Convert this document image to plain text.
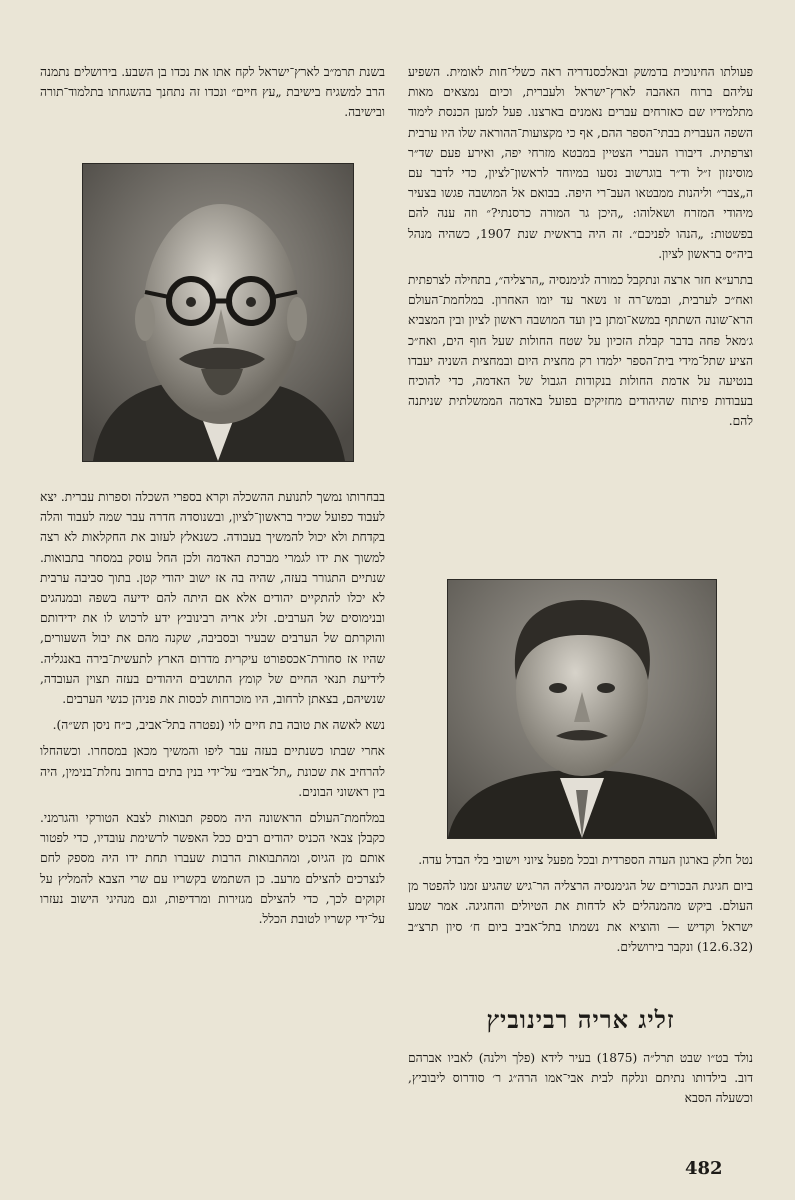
בשנת תרמ״ב לארץ־ישראל לקח אתו את נכדו בן השבע. בירושלים נתמנה הרב למשגיח בישיבת „עץ חיים״ ונכדו זה נתחנך בהשגחתו בתלמוד־תורה ובישיבה.

בבחרותו נמשך לתנועת ההשכלה וקרא בספרי השכלה וספרות עברית. יצא לעבוד כפועל שכיר בראשון־לציון, ובשנוסדה חדרה עבר שמה לעבוד והלה בקדחת ולא יכול להמשיך בעבודה. כשנאלץ לעזוב את החקלאות לא רצה למשוך את ידו לגמרי מברכת האדמה ולכן החל עוסק במסחר בתבואות. שנתיים התגורר בעזה, שהיה בה אז ישוב יהודי קטן. בתוך סביבה ערבית לא יכלו להתקיים יהודים אלא אם היתה להם ידיעה בשפה ובמנהגים ובנימוסים של הערבים. זליג אריה רבינוביץ ידע לרכוש לו את ידידותם והוקרתם של הערבים שבעיר ובסביבה, שקנה מהם את יבול השעורים, שהיו אז סחורת־אכספורט עיקרית מדרום הארץ לתעשית־בירה באנגליה. לידיעת תנאי החיים של קומץ התושבים היהודים בעזה תצוין העובדה, שנשיהם, בצאתן לרחוב, היו מוכרחות לכסות את פניהן כנשי הערבים.

נשא לאשה את טובה בת חיים לוי (נפטרה בתל־אביב, כ״ח ניסן תש״ה).

אחרי שבתו כשנתיים בעזה עבר ליפו והמשיך מכאן במסחרו. וכשהחלו להרחיב את שכונת „תל־אביב״ על־ידי בנין בתים ברחוב נחלת־בנימין, היה בין ראשוני הבונים.

במלחמת־העולם הראשונה היה מספק תבואות לצבא הטורקי והגרמני. כקבלן צבאי הכניס יהודים רבים ככל האפשר לרשימת עובדיו, כדי לפטור אותם מן הגיוס, ומהתבואות הרבות שעברו תחת ידו היה מספק לחם לנצרכים להצילם מרעב. כן השתמש בקשריו עם שרי הצבא להמליץ על זקוקים לכך, כדי להצילם מגזירות ומרדיפות, וגם מנהיגי הישוב נעזרו על־ידי קשריו לטובת הכלל.

פעולתו החינוכית בדמשק ובאלכסנדריה ראה כשלי־חות לאומית. השפיע עליהם ברוח האהבה לארץ־ישראל ולעברית, וכיום נמצאים מאות מתלמידיו שם כאזרחים עברים נאמנים בארצנו. פעל למען הכנסת לימוד השפה העברית בבתי־הספר ההם, אף כי מקצועות־ההוראה שלו היו ערבית וצרפתית. דיבורו העברי הצטיין במבטא מזרחי יפה, ואירע פעם שד״ר מוסינזון ז״ל וד״ר בוגרשוב נסעו במיוחד לראשון־לציון, כדי לדבר עם ה„צבר״ וליהנות ממבטאו העב־רי היפה. בבואם אל המושבה פגשו בצעיר מיהודי המזרח ושאלוהו: „היכן גר המורה כרסנתי?״ וזה ענה להם בפשטות: „הנהו לפניכם״. זה היה בראשית שנת 1907, כשהיה מנהל ביה״ס בראשון לציון.

בתרע״א חזר ארצה ונתקבל כמורה לגימנסיה „הרצליה״, בתחילה לצרפתית ואח״כ לערבית, ובמש־רה זו נשאר עד יומו האחרון. במלחמת־העולם הרא־שונה השתתף במשא־ומתן בין ועד המושבה ראשון לציון ובין המצביא ג׳מאל פחה בדבר קבלת הזכיון על שטח החולות שעל חוף הים, ואח״כ הציע שתל־מידי בית־הספר ילמדו רק מחצית היום ובמחצית השניה יעבדו בנטיעה על אדמת החולות בנקודות הגבול של האדמה, כדי להוכיח בעבודות פיתוח שהיהודים מחזיקים בפועל באדמה הממשלתית שניתנה להם.

נטל חלק בארגון העדה הספרדית ובכל מפעל ציוני וישובי בלי הבדל עדה.

ביום חגיגת הבכורים של הגימנסיה הרצליה הר־גיש שהגיע זמנו להפטר מן העולם. ביקש מהמנהלים לא לדחות את הטיולים והחגיגה. אמר שמע ישראל וקדיש — והוציא את נשמתו בתל־אביב ביום ח׳ סיון תרצ״ב (12.6.32) ונקבר בירושלים.

זליג אריה רבינוביץ

נולד בט״ו שבט תרל״ה (1875) בעיר לידא (פלך וילנה) לאביו אברהם דוב. בילדותו נתיתם ונלקח לבית אבי־אמו הרה״ג ר׳ סודרוס ליבוביץ, וכשעלה הסבא

482
